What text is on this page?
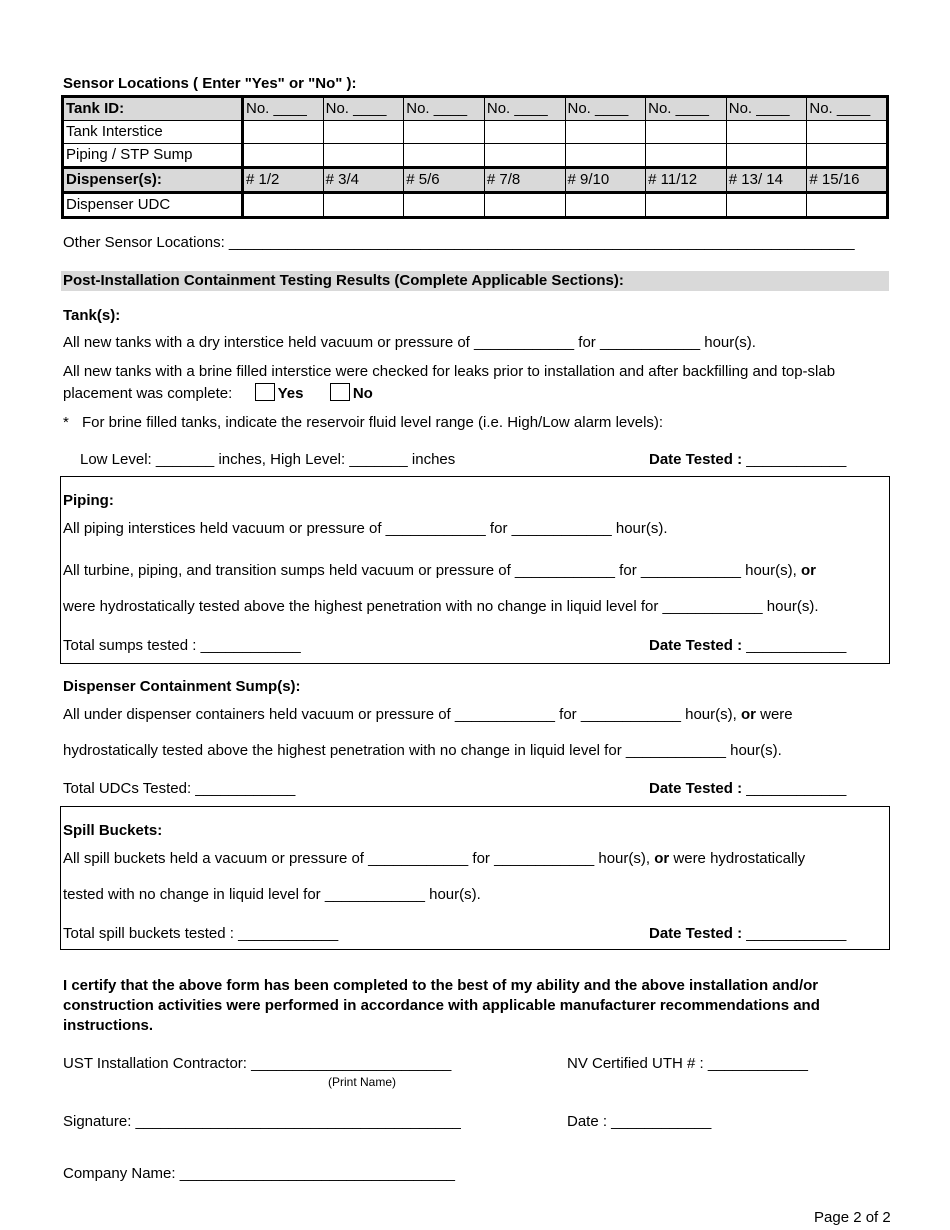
Sensor Locations ( Enter "Yes" or "No" ):
Tank ID:	No. ____	No. ____	No. ____	No. ____	No. ____	No. ____	No. ____	No. ____
Tank Interstice								
Piping / STP Sump								
Dispenser(s):	# 1/2	# 3/4	# 5/6	# 7/8	# 9/10	# 11/12	# 13/ 14	# 15/16
Dispenser UDC								
Other Sensor Locations: ___________________________________________________________________________
Post-Installation Containment Testing Results (Complete Applicable Sections):
Tank(s):
All new tanks with a dry interstice held vacuum or pressure of ____________ for ____________ hour(s).
All new tanks with a brine filled interstice were checked for leaks prior to installation and after backfilling and top-slab
placement was complete:	Yes	No
* For brine filled tanks, indicate the reservoir fluid level range (i.e. High/Low alarm levels):
Low Level: _______ inches, High Level: _______ inches	Date Tested : ____________
Piping:
All piping interstices held vacuum or pressure of ____________ for ____________ hour(s).
All turbine, piping, and transition sumps held vacuum or pressure of ____________ for ____________ hour(s), or
were hydrostatically tested above the highest penetration with no change in liquid level for ____________ hour(s).
Total sumps tested : ____________	Date Tested : ____________
Dispenser Containment Sump(s):
All under dispenser containers held vacuum or pressure of ____________ for ____________ hour(s), or were
hydrostatically tested above the highest penetration with no change in liquid level for ____________ hour(s).
Total UDCs Tested: ____________	Date Tested : ____________
Spill Buckets:
All spill buckets held a vacuum or pressure of ____________ for ____________ hour(s), or were hydrostatically
tested with no change in liquid level for ____________ hour(s).
Total spill buckets tested : ____________	Date Tested : ____________
I certify that the above form has been completed to the best of my ability and the above installation and/or
construction activities were performed in accordance with applicable manufacturer recommendations and
instructions.
UST Installation Contractor: ________________________
(Print Name)
NV Certified UTH # : ____________
Signature: _______________________________________	Date : ____________
Company Name: _________________________________
Page 2 of 2
